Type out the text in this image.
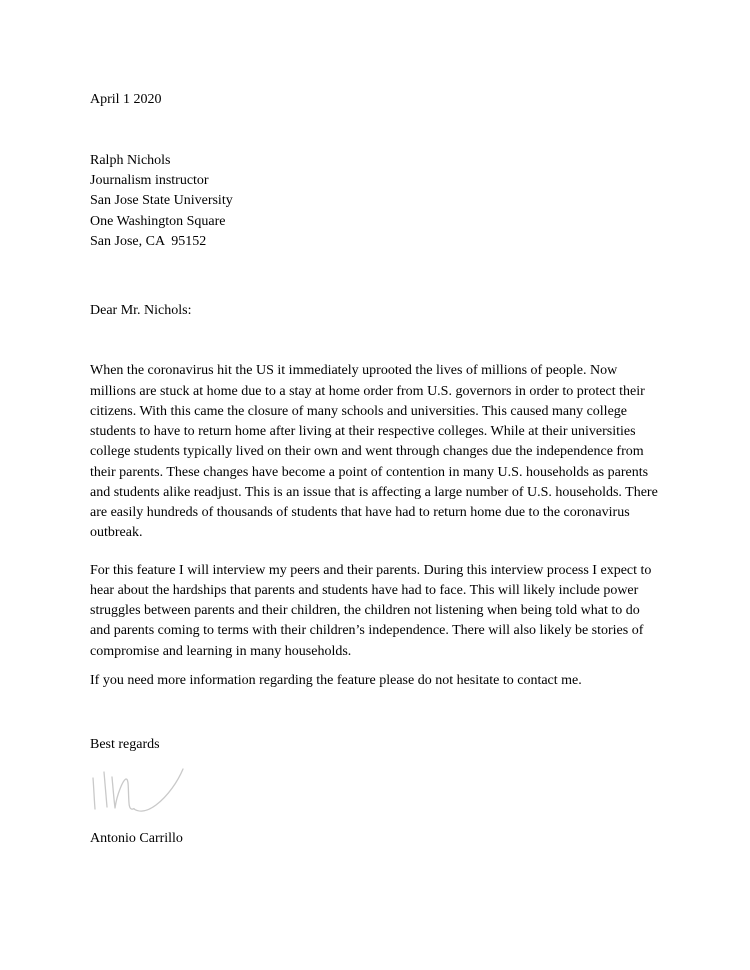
April 1 2020
Ralph Nichols
Journalism instructor
San Jose State University
One Washington Square
San Jose, CA  95152
Dear Mr. Nichols:

When the coronavirus hit the US it immediately uprooted the lives of millions of people. Now millions are stuck at home due to a stay at home order from U.S. governors in order to protect their citizens. With this came the closure of many schools and universities. This caused many college students to have to return home after living at their respective colleges. While at their universities college students typically lived on their own and went through changes due the independence from their parents. These changes have become a point of contention in many U.S. households as parents and students alike readjust. This is an issue that is affecting a large number of U.S. households. There are easily hundreds of thousands of students that have had to return home due to the coronavirus outbreak.

For this feature I will interview my peers and their parents. During this interview process I expect to hear about the hardships that parents and students have had to face. This will likely include power struggles between parents and their children, the children not listening when being told what to do and parents coming to terms with their children’s independence. There will also likely be stories of compromise and learning in many households.

If you need more information regarding the feature please do not hesitate to contact me.

Best regards
Antonio Carrillo
